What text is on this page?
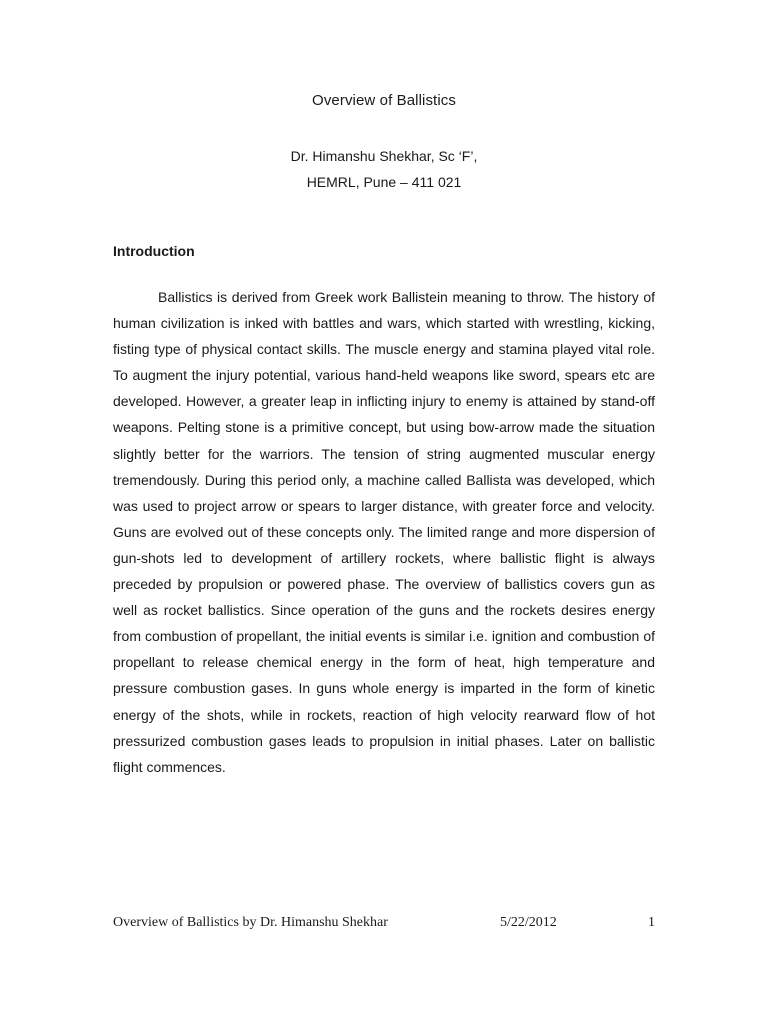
Overview of Ballistics
Dr. Himanshu Shekhar, Sc ‘F’,
HEMRL, Pune – 411 021
Introduction

Ballistics is derived from Greek work Ballistein meaning to throw. The history of human civilization is inked with battles and wars, which started with wrestling, kicking, fisting type of physical contact skills. The muscle energy and stamina played vital role. To augment the injury potential, various hand-held weapons like sword, spears etc are developed. However, a greater leap in inflicting injury to enemy is attained by stand-off weapons. Pelting stone is a primitive concept, but using bow-arrow made the situation slightly better for the warriors. The tension of string augmented muscular energy tremendously. During this period only, a machine called Ballista was developed, which was used to project arrow or spears to larger distance, with greater force and velocity. Guns are evolved out of these concepts only. The limited range and more dispersion of gun-shots led to development of artillery rockets, where ballistic flight is always preceded by propulsion or powered phase. The overview of ballistics covers gun as well as rocket ballistics. Since operation of the guns and the rockets desires energy from combustion of propellant, the initial events is similar i.e. ignition and combustion of propellant to release chemical energy in the form of heat, high temperature and pressure combustion gases. In guns whole energy is imparted in the form of kinetic energy of the shots, while in rockets, reaction of high velocity rearward flow of hot pressurized combustion gases leads to propulsion in initial phases. Later on ballistic flight commences.

Overview of Ballistics by Dr. Himanshu Shekhar	5/22/2012	1
